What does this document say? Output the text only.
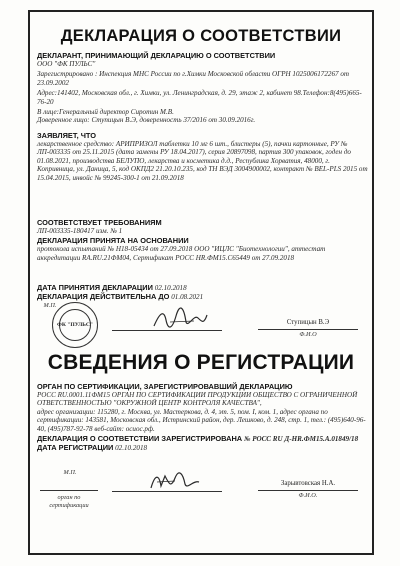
ДЕКЛАРАЦИЯ О СООТВЕТСТВИИ
ДЕКЛАРАНТ, ПРИНИМАЮЩИЙ ДЕКЛАРАЦИЮ О СООТВЕТСТВИИ
ООО "ФК ПУЛЬС"
Зарегистрировано : Инспекция МНС России по г.Химки Московской области ОГРН 1025006172267 от 23.09.2002
Адрес:141402, Московская обл., г. Химки, ул. Ленинградская, д. 29, этаж 2, кабинет 98.Телефон:8(495)665-76-20
В лице:Генеральный директор Сиротин М.В.
Доверенное лицо: Ступицын В.Э, доверенность 37/2016 от 30.09.2016г.
ЗАЯВЛЯЕТ, ЧТО
лекарственное средство: АРИПРИЗОЛ таблетки 10 мг 6 шт., блистеры (5), пачки картонные, РУ № ЛП-003335 от 25.11.2015 (дата замены РУ 18.04.2017), серия 20897098, партия 300 упаковок, годен до 01.08.2021, производства БЕЛУПО, лекарства и косметика д.д., Республика Хорватия, 48000, г. Копривница, ул. Даница, 5, код ОКПД2 21.20.10.235, код ТН ВЭД 3004900002, контракт № BEL-PLS 2015 от 15.04.2015, инвойс № 99245-300-1 от 21.09.2018
СООТВЕТСТВУЕТ ТРЕБОВАНИЯМ
ЛП-003335-180417 изм. № 1
ДЕКЛАРАЦИЯ ПРИНЯТА НА ОСНОВАНИИ
протокола испытаний № Н18-05434 от 27.09.2018 ООО "ИЦЛС "Биотехнологии", аттестат аккредитации RA.RU.21ФМ04, Сертификат РОСС НR.ФМ15.С65449 от 27.09.2018
ДАТА ПРИНЯТИЯ ДЕКЛАРАЦИИ 02.10.2018
ДЕКЛАРАЦИЯ ДЕЙСТВИТЕЛЬНА ДО 01.08.2021
ФК "ПУЛЬС"
М.П.
Ступицын В.Э
Ф.И.О
СВЕДЕНИЯ О РЕГИСТРАЦИИ
ОРГАН ПО СЕРТИФИКАЦИИ, ЗАРЕГИСТРИРОВАВШИЙ ДЕКЛАРАЦИЮ
РОСС RU.0001.11ФМ15 ОРГАН ПО СЕРТИФИКАЦИИ ПРОДУКЦИИ ОБЩЕСТВО С ОГРАНИЧЕННОЙ ОТВЕТСТВЕННОСТЬЮ "ОКРУЖНОЙ ЦЕНТР КОНТРОЛЯ КАЧЕСТВА",
адрес организации: 115280, г. Москва, ул. Мастеркова, д. 4, эт. 5, пом. I, ком. 1, адрес органа по сертификации: 143581, Московская обл., Истринский район, дер. Лешково, д. 248, стр. 1, тел.: (495)640-96-40, (495)787-92-78 веб-сайт: ocuoc.pф.
ДЕКЛАРАЦИЯ О СООТВЕТСТВИИ ЗАРЕГИСТРИРОВАНА № РОСС RU Д-HR.ФМ15.А.01849/18
ДАТА РЕГИСТРАЦИИ 02.10.2018
М.П.
орган по сертификации
Зарывтовская Н.А.
Ф.И.О.
